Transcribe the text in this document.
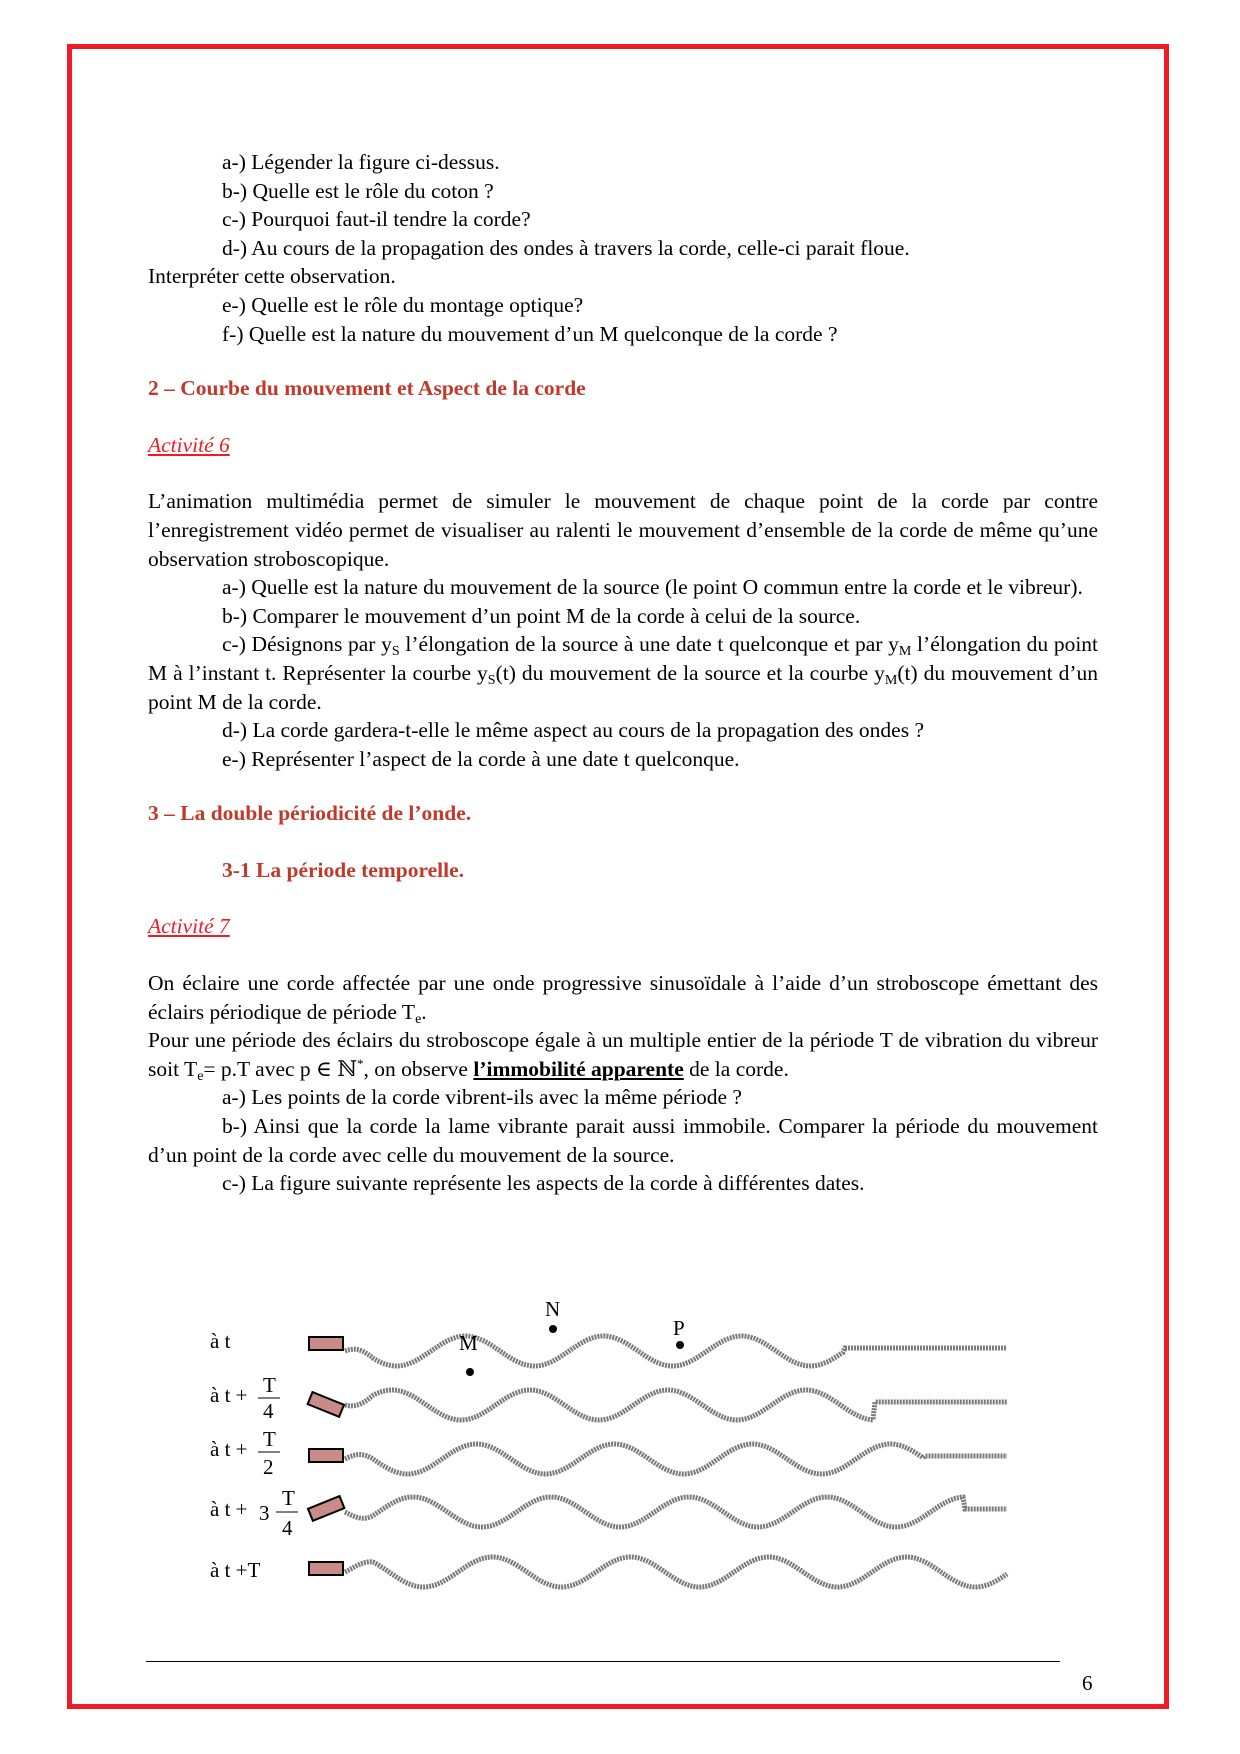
a-) Légender la figure ci-dessus.

b-) Quelle est le rôle du coton ?

c-) Pourquoi faut-il tendre la corde?

d-) Au cours de la propagation des ondes à travers la corde, celle-ci parait floue.

Interpréter cette observation.

e-) Quelle est le rôle du montage optique?

f-) Quelle est la nature du mouvement d’un M quelconque de la corde ?

2 – Courbe du mouvement et Aspect de la corde

Activité 6

L’animation multimédia permet de simuler le mouvement de chaque point de la corde par contre l’enregistrement vidéo permet de visualiser au ralenti le mouvement d’ensemble de la corde de même qu’une observation stroboscopique.

a-) Quelle est la nature du mouvement de la source (le point O commun entre la corde et le vibreur).

b-) Comparer le mouvement d’un point M de la corde à celui de la source.

c-) Désignons par $y_S$ l’élongation de la source à une date t quelconque et par $y_M$ l’élongation du point M à l’instant t. Représenter la courbe $y_S(t)$ du mouvement de la source et la courbe $y_M(t)$ du mouvement d’un point M de la corde.

d-) La corde gardera-t-elle le même aspect au cours de la propagation des ondes ?

e-) Représenter l’aspect de la corde à une date t quelconque.

3 – La double périodicité de l’onde.

3-1 La période temporelle.

Activité 7

On éclaire une corde affectée par une onde progressive sinusoïdale à l’aide d’un stroboscope émettant des éclairs périodique de période $T_e$.

Pour une période des éclairs du stroboscope égale à un multiple entier de la période T de vibration du vibreur soit $T_e= p.T$ avec p ∈ ℕ*, on observe l’immobilité apparente de la corde.

a-) Les points de la corde vibrent-ils avec la même période ?

b-) Ainsi que la corde la lame vibrante parait aussi immobile. Comparer la période du mouvement d’un point de la corde avec celle du mouvement de la source.

c-) La figure suivante représente les aspects de la corde à différentes dates.

à t
à t + T
4
à t + T
2
à t + 3
T
4
à t +T
M
N
P
6
